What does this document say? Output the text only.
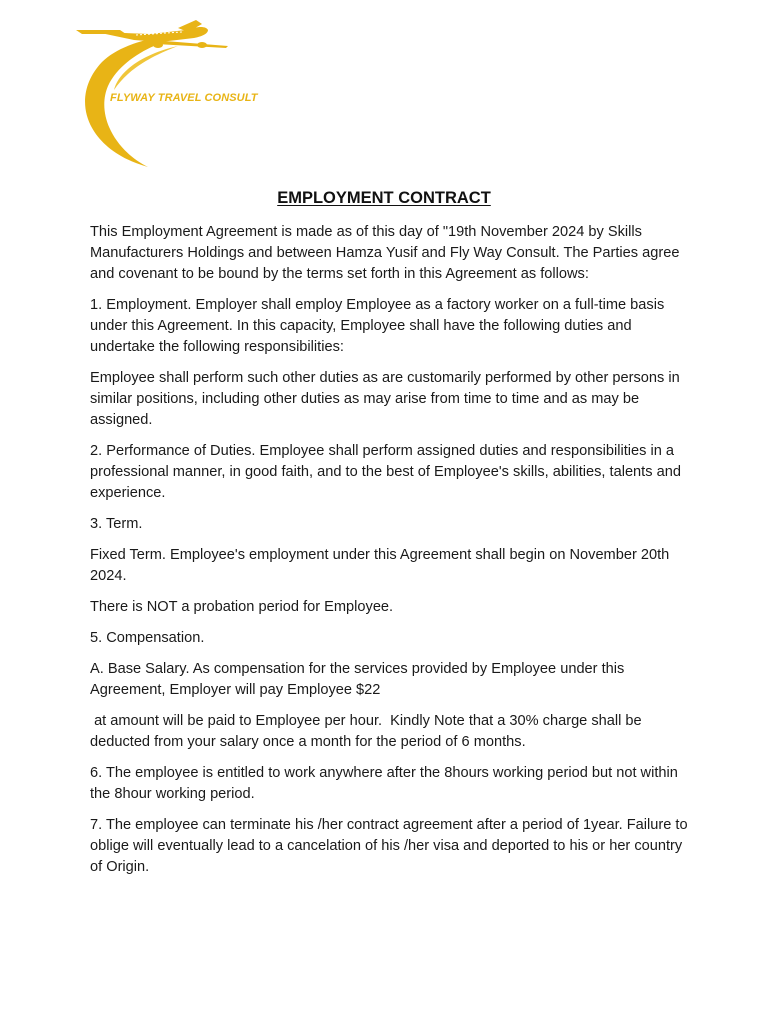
FLYWAY TRAVEL CONSULT
EMPLOYMENT CONTRACT

This Employment Agreement is made as of this day of "19th November 2024 by Skills Manufacturers Holdings and between Hamza Yusif and Fly Way Consult. The Parties agree and covenant to be bound by the terms set forth in this Agreement as follows:

1. Employment. Employer shall employ Employee as a factory worker on a full-time basis under this Agreement. In this capacity, Employee shall have the following duties and undertake the following responsibilities:

Employee shall perform such other duties as are customarily performed by other persons in similar positions, including other duties as may arise from time to time and as may be assigned.

2. Performance of Duties. Employee shall perform assigned duties and responsibilities in a professional manner, in good faith, and to the best of Employee's skills, abilities, talents and experience.

3. Term.

Fixed Term. Employee's employment under this Agreement shall begin on November 20th 2024.

There is NOT a probation period for Employee.

5. Compensation.

A. Base Salary. As compensation for the services provided by Employee under this Agreement, Employer will pay Employee $22

at amount will be paid to Employee per hour.  Kindly Note that a 30% charge shall be deducted from your salary once a month for the period of 6 months.

6. The employee is entitled to work anywhere after the 8hours working period but not within the 8hour working period.

7. The employee can terminate his /her contract agreement after a period of 1year. Failure to oblige will eventually lead to a cancelation of his /her visa and deported to his or her country of Origin.
